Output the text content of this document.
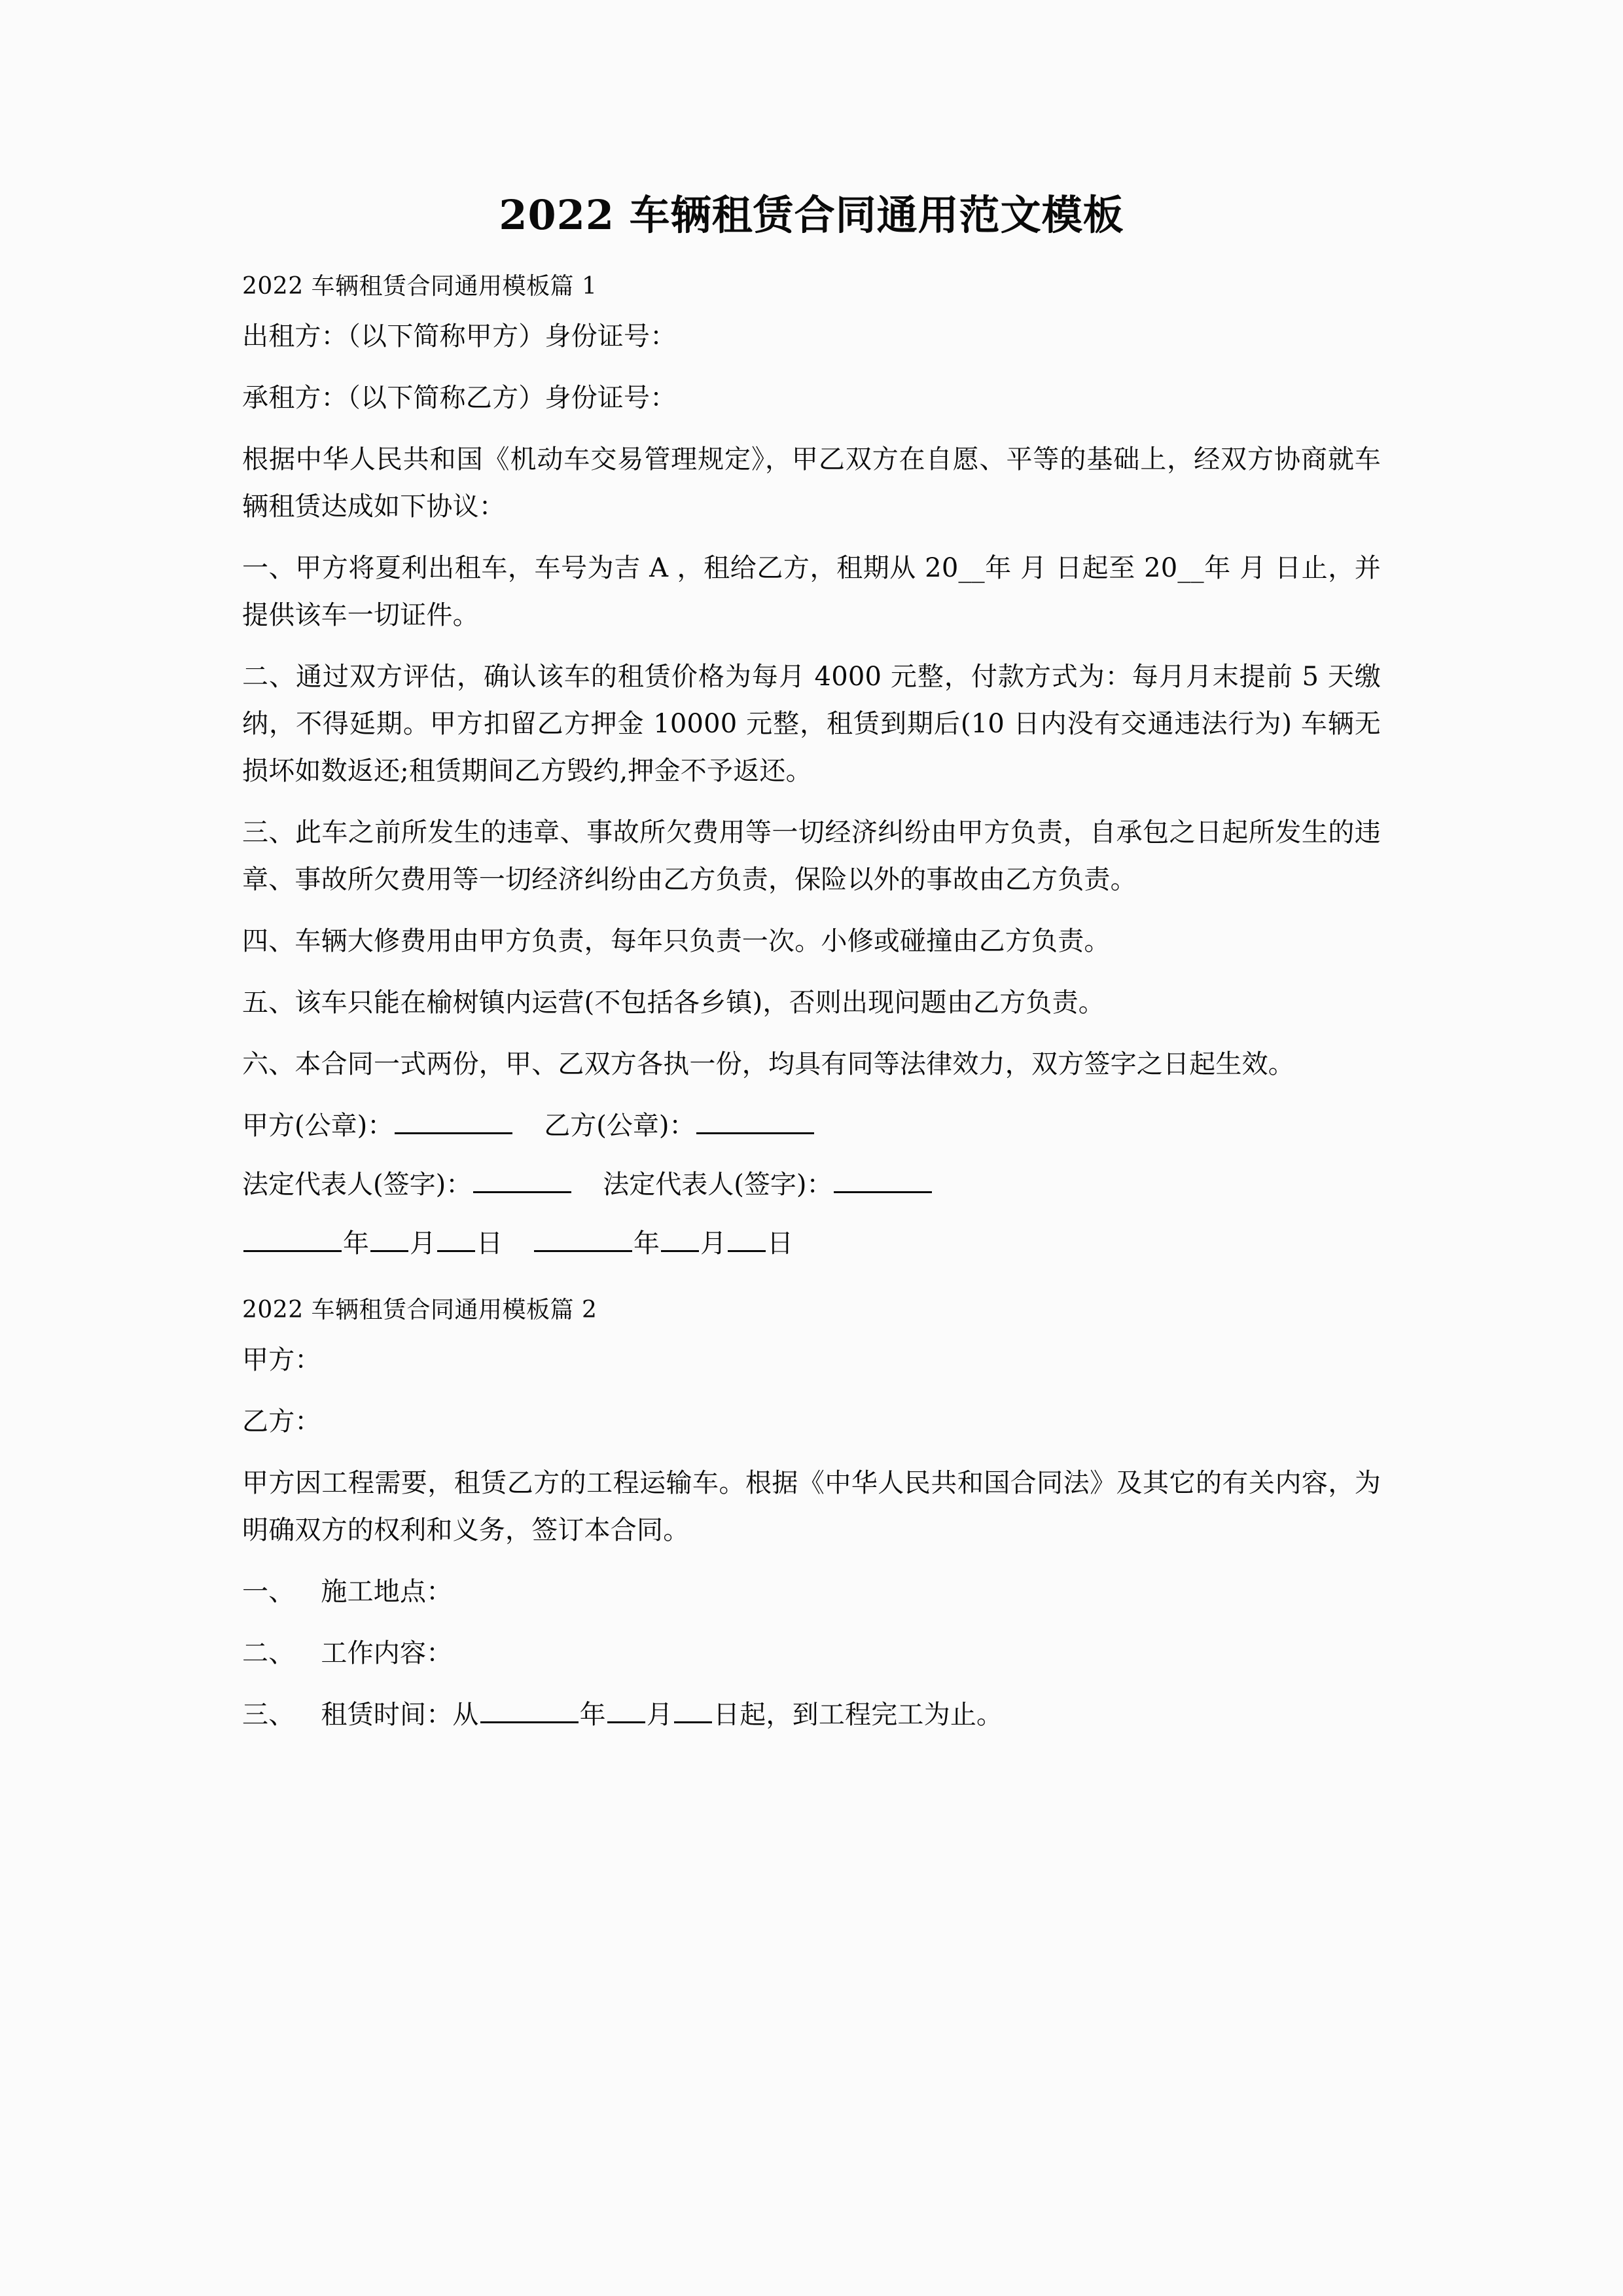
2022 车辆租赁合同通用范文模板

2022 车辆租赁合同通用模板篇 1

出租方：（以下简称甲方）身份证号：

承租方：（以下简称乙方）身份证号：

根据中华人民共和国《机动车交易管理规定》，甲乙双方在自愿、平等的基础上，经双方协商就车辆租赁达成如下协议：

一、甲方将夏利出租车，车号为吉 A ，租给乙方，租期从 20__年 月 日起至 20__年 月 日止，并提供该车一切证件。

二、通过双方评估，确认该车的租赁价格为每月 4000 元整，付款方式为：每月月末提前 5 天缴纳，不得延期。甲方扣留乙方押金 10000 元整，租赁到期后(10 日内没有交通违法行为) 车辆无损坏如数返还;租赁期间乙方毁约,押金不予返还。

三、此车之前所发生的违章、事故所欠费用等一切经济纠纷由甲方负责，自承包之日起所发生的违章、事故所欠费用等一切经济纠纷由乙方负责，保险以外的事故由乙方负责。

四、车辆大修费用由甲方负责，每年只负责一次。小修或碰撞由乙方负责。

五、该车只能在榆树镇内运营(不包括各乡镇)，否则出现问题由乙方负责。

六、本合同一式两份，甲、乙双方各执一份，均具有同等法律效力，双方签字之日起生效。

甲方(公章)：	乙方(公章)：

法定代表人(签字)：	法定代表人(签字)：

年 月 日	年 月 日

2022 车辆租赁合同通用模板篇 2

甲方：

乙方：

甲方因工程需要，租赁乙方的工程运输车。根据《中华人民共和国合同法》及其它的有关内容，为明确双方的权利和义务，签订本合同。

一、 施工地点：

二、 工作内容：

三、 租赁时间：从	年 月 日起，到工程完工为止。
